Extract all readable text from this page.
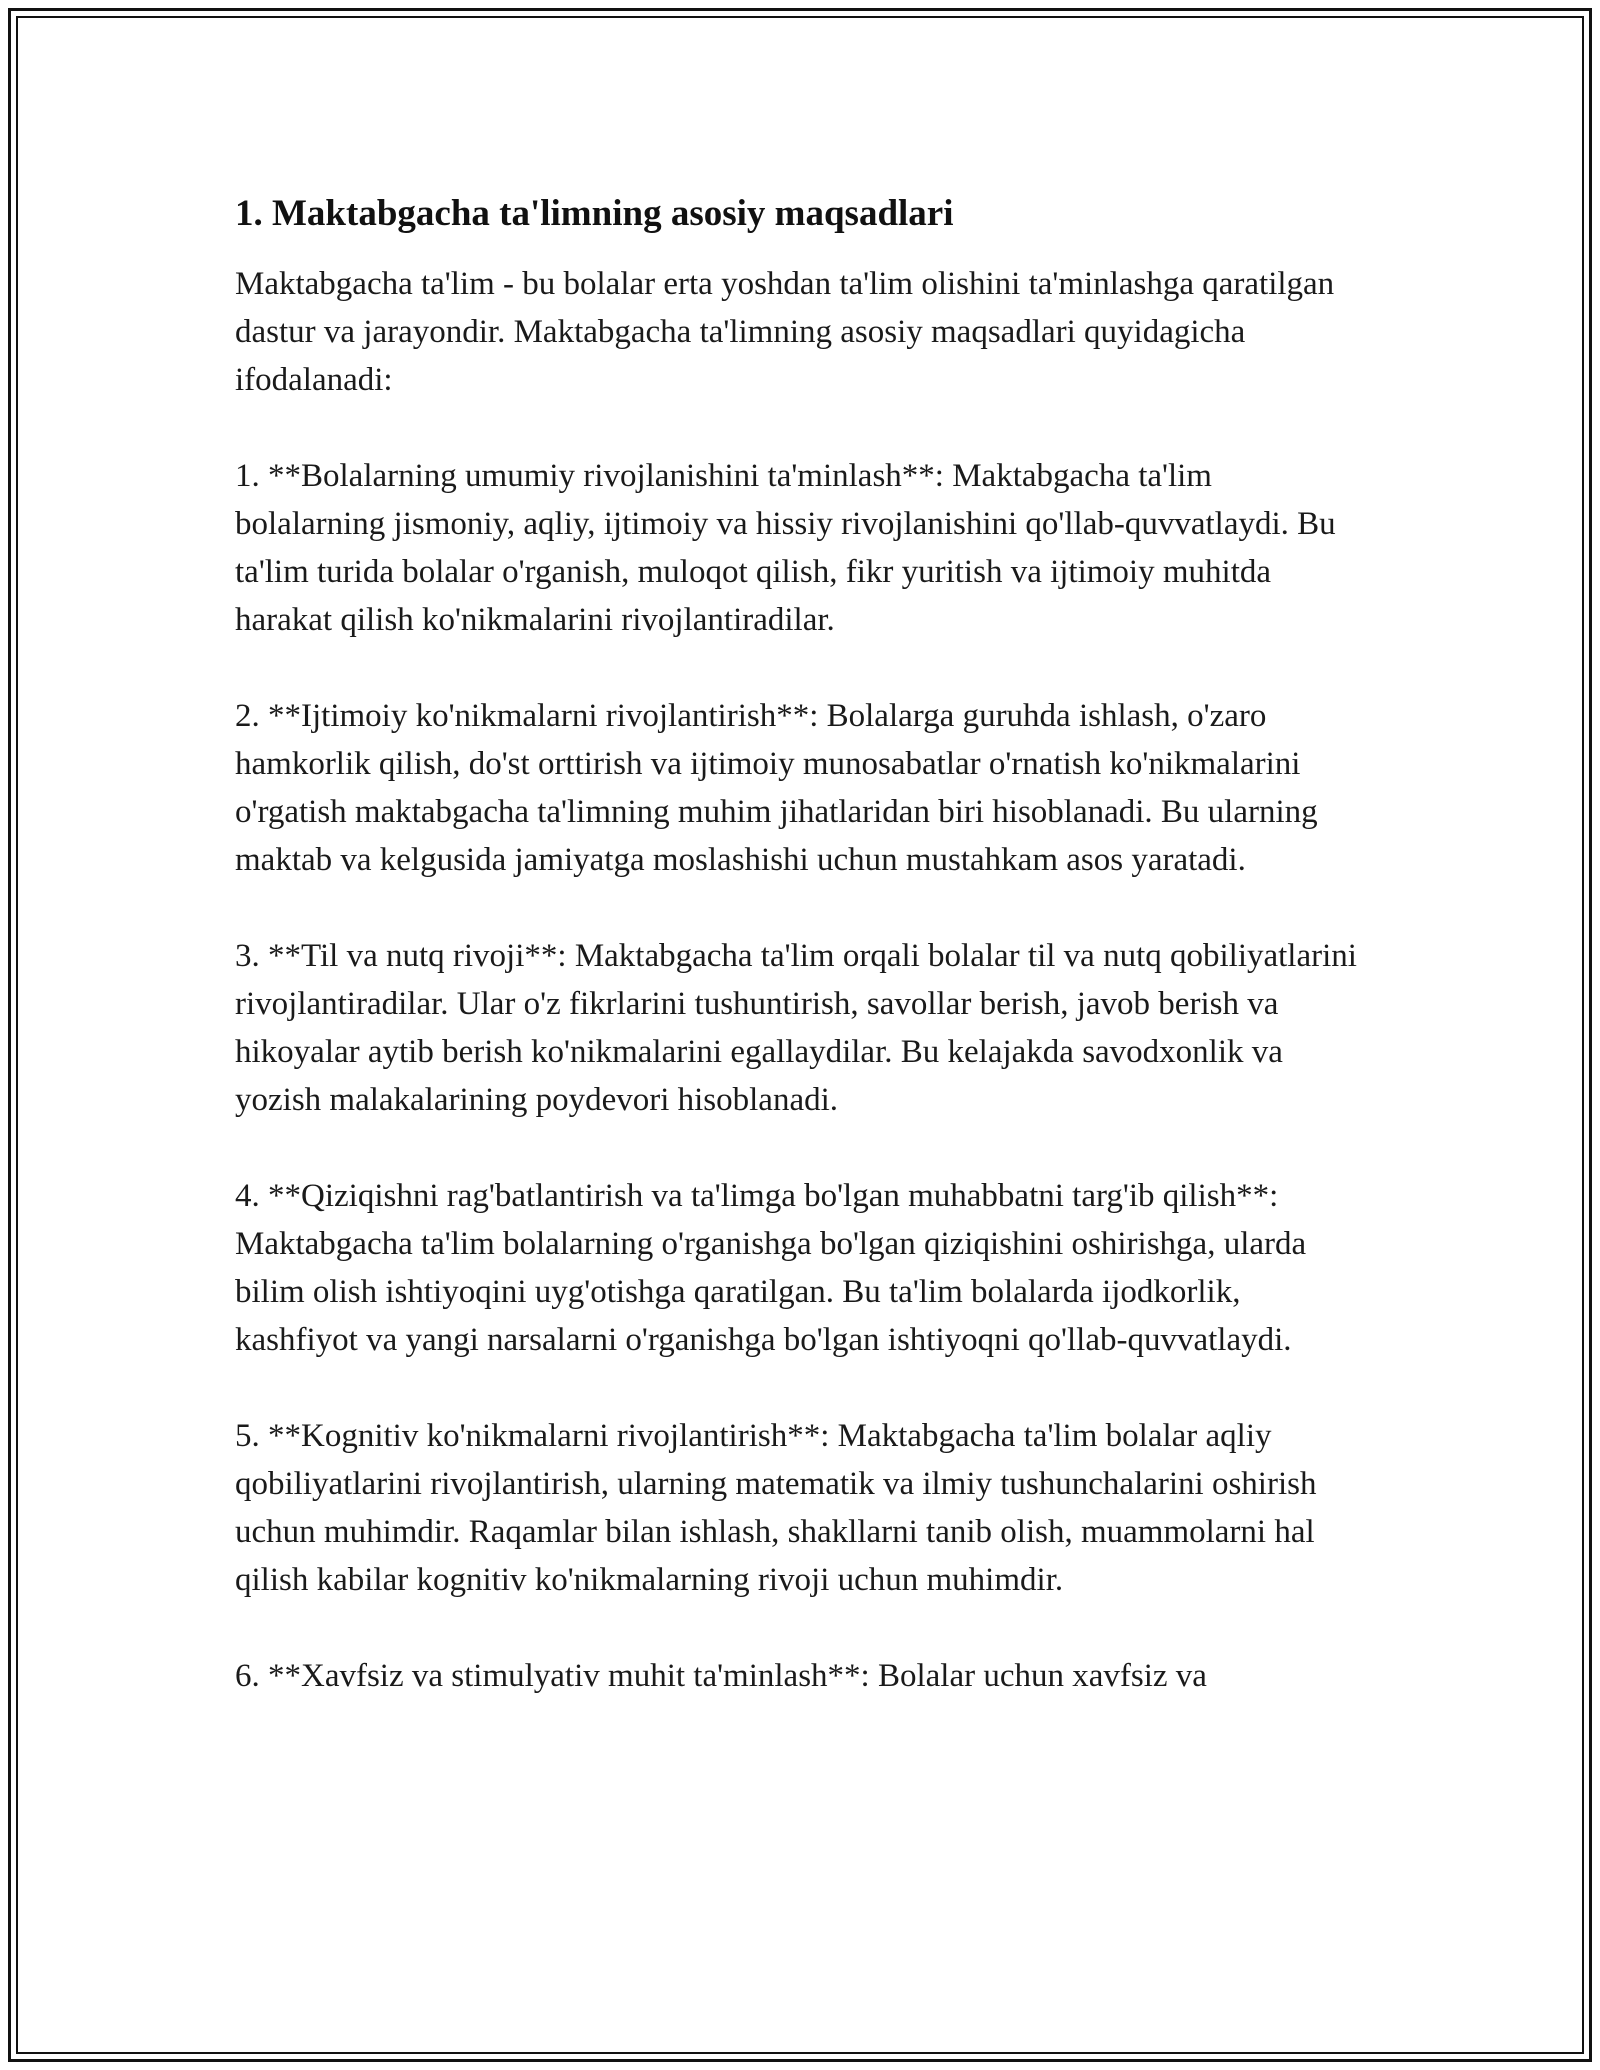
1. Maktabgacha ta'limning asosiy maqsadlari

Maktabgacha ta'lim - bu bolalar erta yoshdan ta'lim olishini ta'minlashga qaratilgan dastur va jarayondir. Maktabgacha ta'limning asosiy maqsadlari quyidagicha ifodalanadi:

1. **Bolalarning umumiy rivojlanishini ta'minlash**: Maktabgacha ta'lim bolalarning jismoniy, aqliy, ijtimoiy va hissiy rivojlanishini qo'llab-quvvatlaydi. Bu ta'lim turida bolalar o'rganish, muloqot qilish, fikr yuritish va ijtimoiy muhitda harakat qilish ko'nikmalarini rivojlantiradilar.

2. **Ijtimoiy ko'nikmalarni rivojlantirish**: Bolalarga guruhda ishlash, o'zaro hamkorlik qilish, do'st orttirish va ijtimoiy munosabatlar o'rnatish ko'nikmalarini o'rgatish maktabgacha ta'limning muhim jihatlaridan biri hisoblanadi. Bu ularning maktab va kelgusida jamiyatga moslashishi uchun mustahkam asos yaratadi.

3. **Til va nutq rivoji**: Maktabgacha ta'lim orqali bolalar til va nutq qobiliyatlarini rivojlantiradilar. Ular o'z fikrlarini tushuntirish, savollar berish, javob berish va hikoyalar aytib berish ko'nikmalarini egallaydilar. Bu kelajakda savodxonlik va yozish malakalarining poydevori hisoblanadi.

4. **Qiziqishni rag'batlantirish va ta'limga bo'lgan muhabbatni targ'ib qilish**: Maktabgacha ta'lim bolalarning o'rganishga bo'lgan qiziqishini oshirishga, ularda bilim olish ishtiyoqini uyg'otishga qaratilgan. Bu ta'lim bolalarda ijodkorlik, kashfiyot va yangi narsalarni o'rganishga bo'lgan ishtiyoqni qo'llab-quvvatlaydi.

5. **Kognitiv ko'nikmalarni rivojlantirish**: Maktabgacha ta'lim bolalar aqliy qobiliyatlarini rivojlantirish, ularning matematik va ilmiy tushunchalarini oshirish uchun muhimdir. Raqamlar bilan ishlash, shakllarni tanib olish, muammolarni hal qilish kabilar kognitiv ko'nikmalarning rivoji uchun muhimdir.

6. **Xavfsiz va stimulyativ muhit ta'minlash**: Bolalar uchun xavfsiz va
